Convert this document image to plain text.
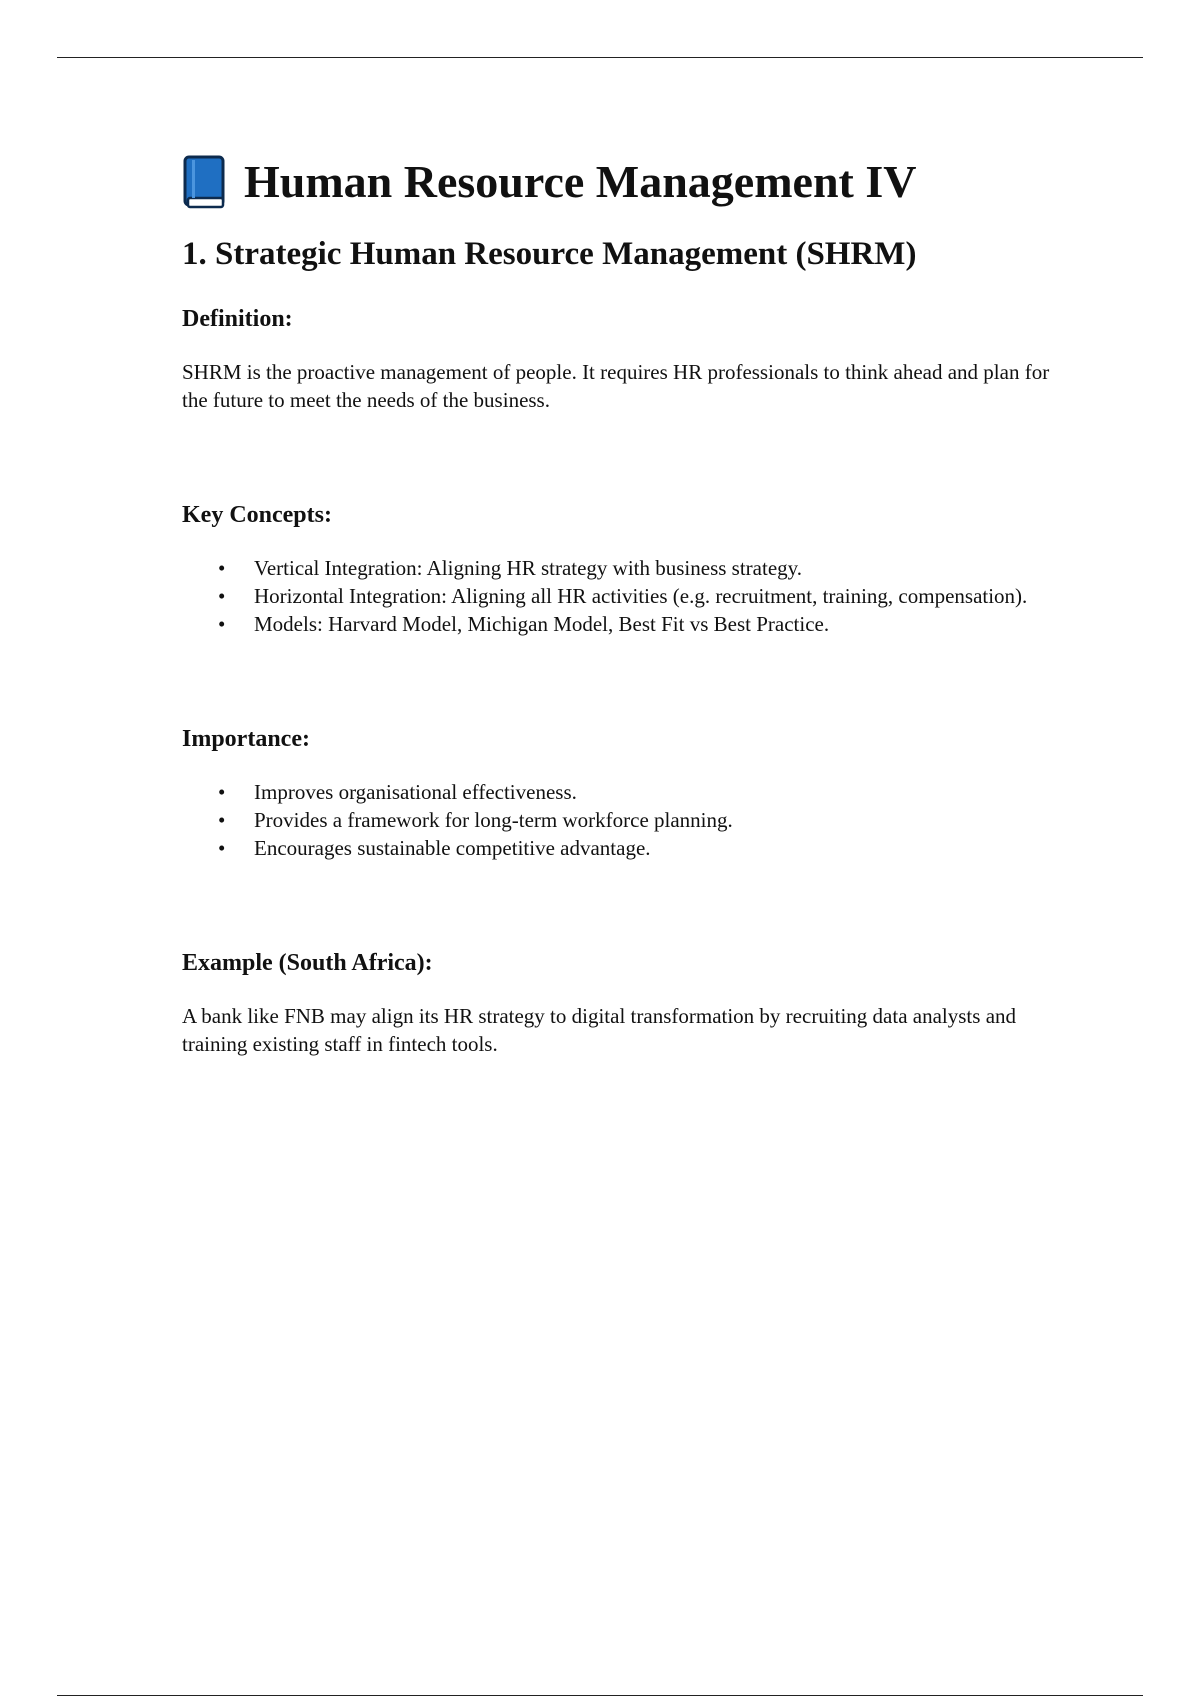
Human Resource Management IV
1. Strategic Human Resource Management (SHRM)
Definition:

SHRM is the proactive management of people. It requires HR professionals to think ahead and plan for the future to meet the needs of the business.

Key Concepts:
• Vertical Integration: Aligning HR strategy with business strategy.
• Horizontal Integration: Aligning all HR activities (e.g. recruitment, training, compensation).
• Models: Harvard Model, Michigan Model, Best Fit vs Best Practice.
Importance:
• Improves organisational effectiveness.
• Provides a framework for long-term workforce planning.
• Encourages sustainable competitive advantage.
Example (South Africa):

A bank like FNB may align its HR strategy to digital transformation by recruiting data analysts and training existing staff in fintech tools.
